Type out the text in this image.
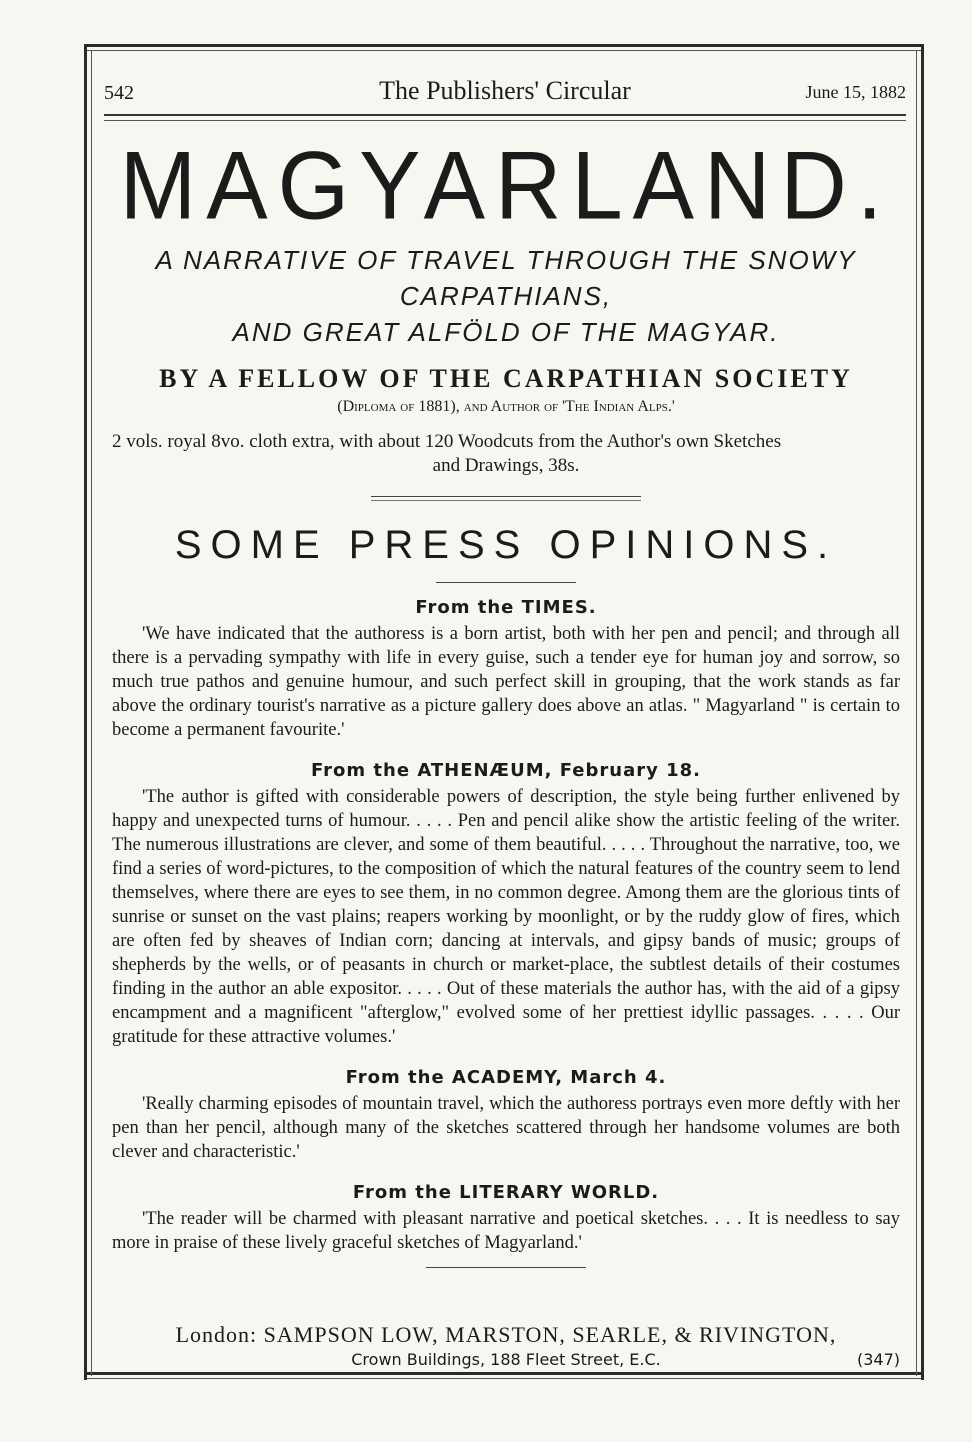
542	The Publishers' Circular	June 15, 1882
MAGYARLAND.
A NARRATIVE OF TRAVEL THROUGH THE SNOWY CARPATHIANS,
AND GREAT ALFÖLD OF THE MAGYAR.
BY A FELLOW OF THE CARPATHIAN SOCIETY
(Diploma of 1881), and Author of 'The Indian Alps.'
2 vols. royal 8vo. cloth extra, with about 120 Woodcuts from the Author's own Sketches
and Drawings, 38s.
SOME PRESS OPINIONS.
From the TIMES.

'We have indicated that the authoress is a born artist, both with her pen and pencil; and through all there is a pervading sympathy with life in every guise, such a tender eye for human joy and sorrow, so much true pathos and genuine humour, and such perfect skill in grouping, that the work stands as far above the ordinary tourist's narrative as a picture gallery does above an atlas. " Magyarland " is certain to become a permanent favourite.'

From the ATHENÆUM, February 18.

'The author is gifted with considerable powers of description, the style being further enlivened by happy and unexpected turns of humour. . . . . Pen and pencil alike show the artistic feeling of the writer. The numerous illustrations are clever, and some of them beautiful. . . . . Throughout the narrative, too, we find a series of word-pictures, to the composition of which the natural features of the country seem to lend themselves, where there are eyes to see them, in no common degree. Among them are the glorious tints of sunrise or sunset on the vast plains; reapers working by moonlight, or by the ruddy glow of fires, which are often fed by sheaves of Indian corn; dancing at intervals, and gipsy bands of music; groups of shepherds by the wells, or of peasants in church or market-place, the subtlest details of their costumes finding in the author an able expositor. . . . . Out of these materials the author has, with the aid of a gipsy encampment and a magnificent "afterglow," evolved some of her prettiest idyllic passages. . . . . Our gratitude for these attractive volumes.'

From the ACADEMY, March 4.

'Really charming episodes of mountain travel, which the authoress portrays even more deftly with her pen than her pencil, although many of the sketches scattered through her handsome volumes are both clever and characteristic.'

From the LITERARY WORLD.

'The reader will be charmed with pleasant narrative and poetical sketches. . . . It is needless to say more in praise of these lively graceful sketches of Magyarland.'

London: SAMPSON LOW, MARSTON, SEARLE, & RIVINGTON,
Crown Buildings, 188 Fleet Street, E.C.	(347)
